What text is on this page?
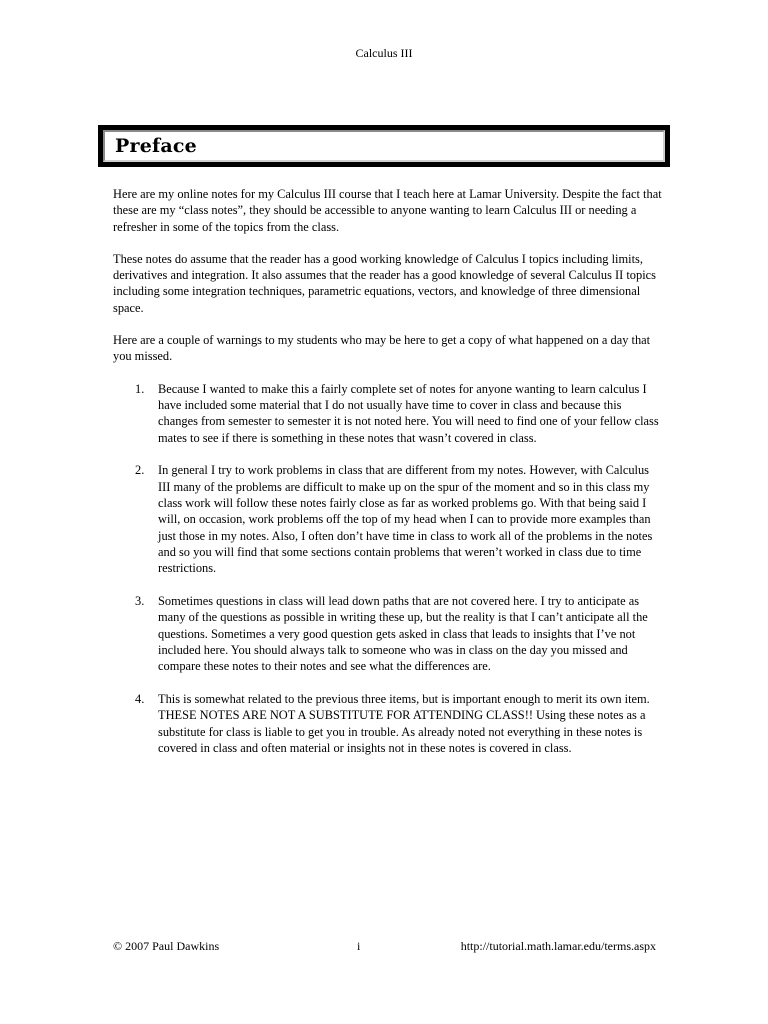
Calculus III
Preface

Here are my online notes for my Calculus III course that I teach here at Lamar University. Despite the fact that these are my “class notes”, they should be accessible to anyone wanting to learn Calculus III or needing a refresher in some of the topics from the class.

These notes do assume that the reader has a good working knowledge of Calculus I topics including limits, derivatives and integration. It also assumes that the reader has a good knowledge of several Calculus II topics including some integration techniques, parametric equations, vectors, and knowledge of three dimensional space.

Here are a couple of warnings to my students who may be here to get a copy of what happened on a day that you missed.

1. Because I wanted to make this a fairly complete set of notes for anyone wanting to learn calculus I have included some material that I do not usually have time to cover in class and because this changes from semester to semester it is not noted here. You will need to find one of your fellow class mates to see if there is something in these notes that wasn’t covered in class.
2. In general I try to work problems in class that are different from my notes. However, with Calculus III many of the problems are difficult to make up on the spur of the moment and so in this class my class work will follow these notes fairly close as far as worked problems go. With that being said I will, on occasion, work problems off the top of my head when I can to provide more examples than just those in my notes. Also, I often don’t have time in class to work all of the problems in the notes and so you will find that some sections contain problems that weren’t worked in class due to time restrictions.
3. Sometimes questions in class will lead down paths that are not covered here. I try to anticipate as many of the questions as possible in writing these up, but the reality is that I can’t anticipate all the questions. Sometimes a very good question gets asked in class that leads to insights that I’ve not included here. You should always talk to someone who was in class on the day you missed and compare these notes to their notes and see what the differences are.
4. This is somewhat related to the previous three items, but is important enough to merit its own item. THESE NOTES ARE NOT A SUBSTITUTE FOR ATTENDING CLASS!! Using these notes as a substitute for class is liable to get you in trouble. As already noted not everything in these notes is covered in class and often material or insights not in these notes is covered in class.
© 2007 Paul Dawkins	i	http://tutorial.math.lamar.edu/terms.aspx
